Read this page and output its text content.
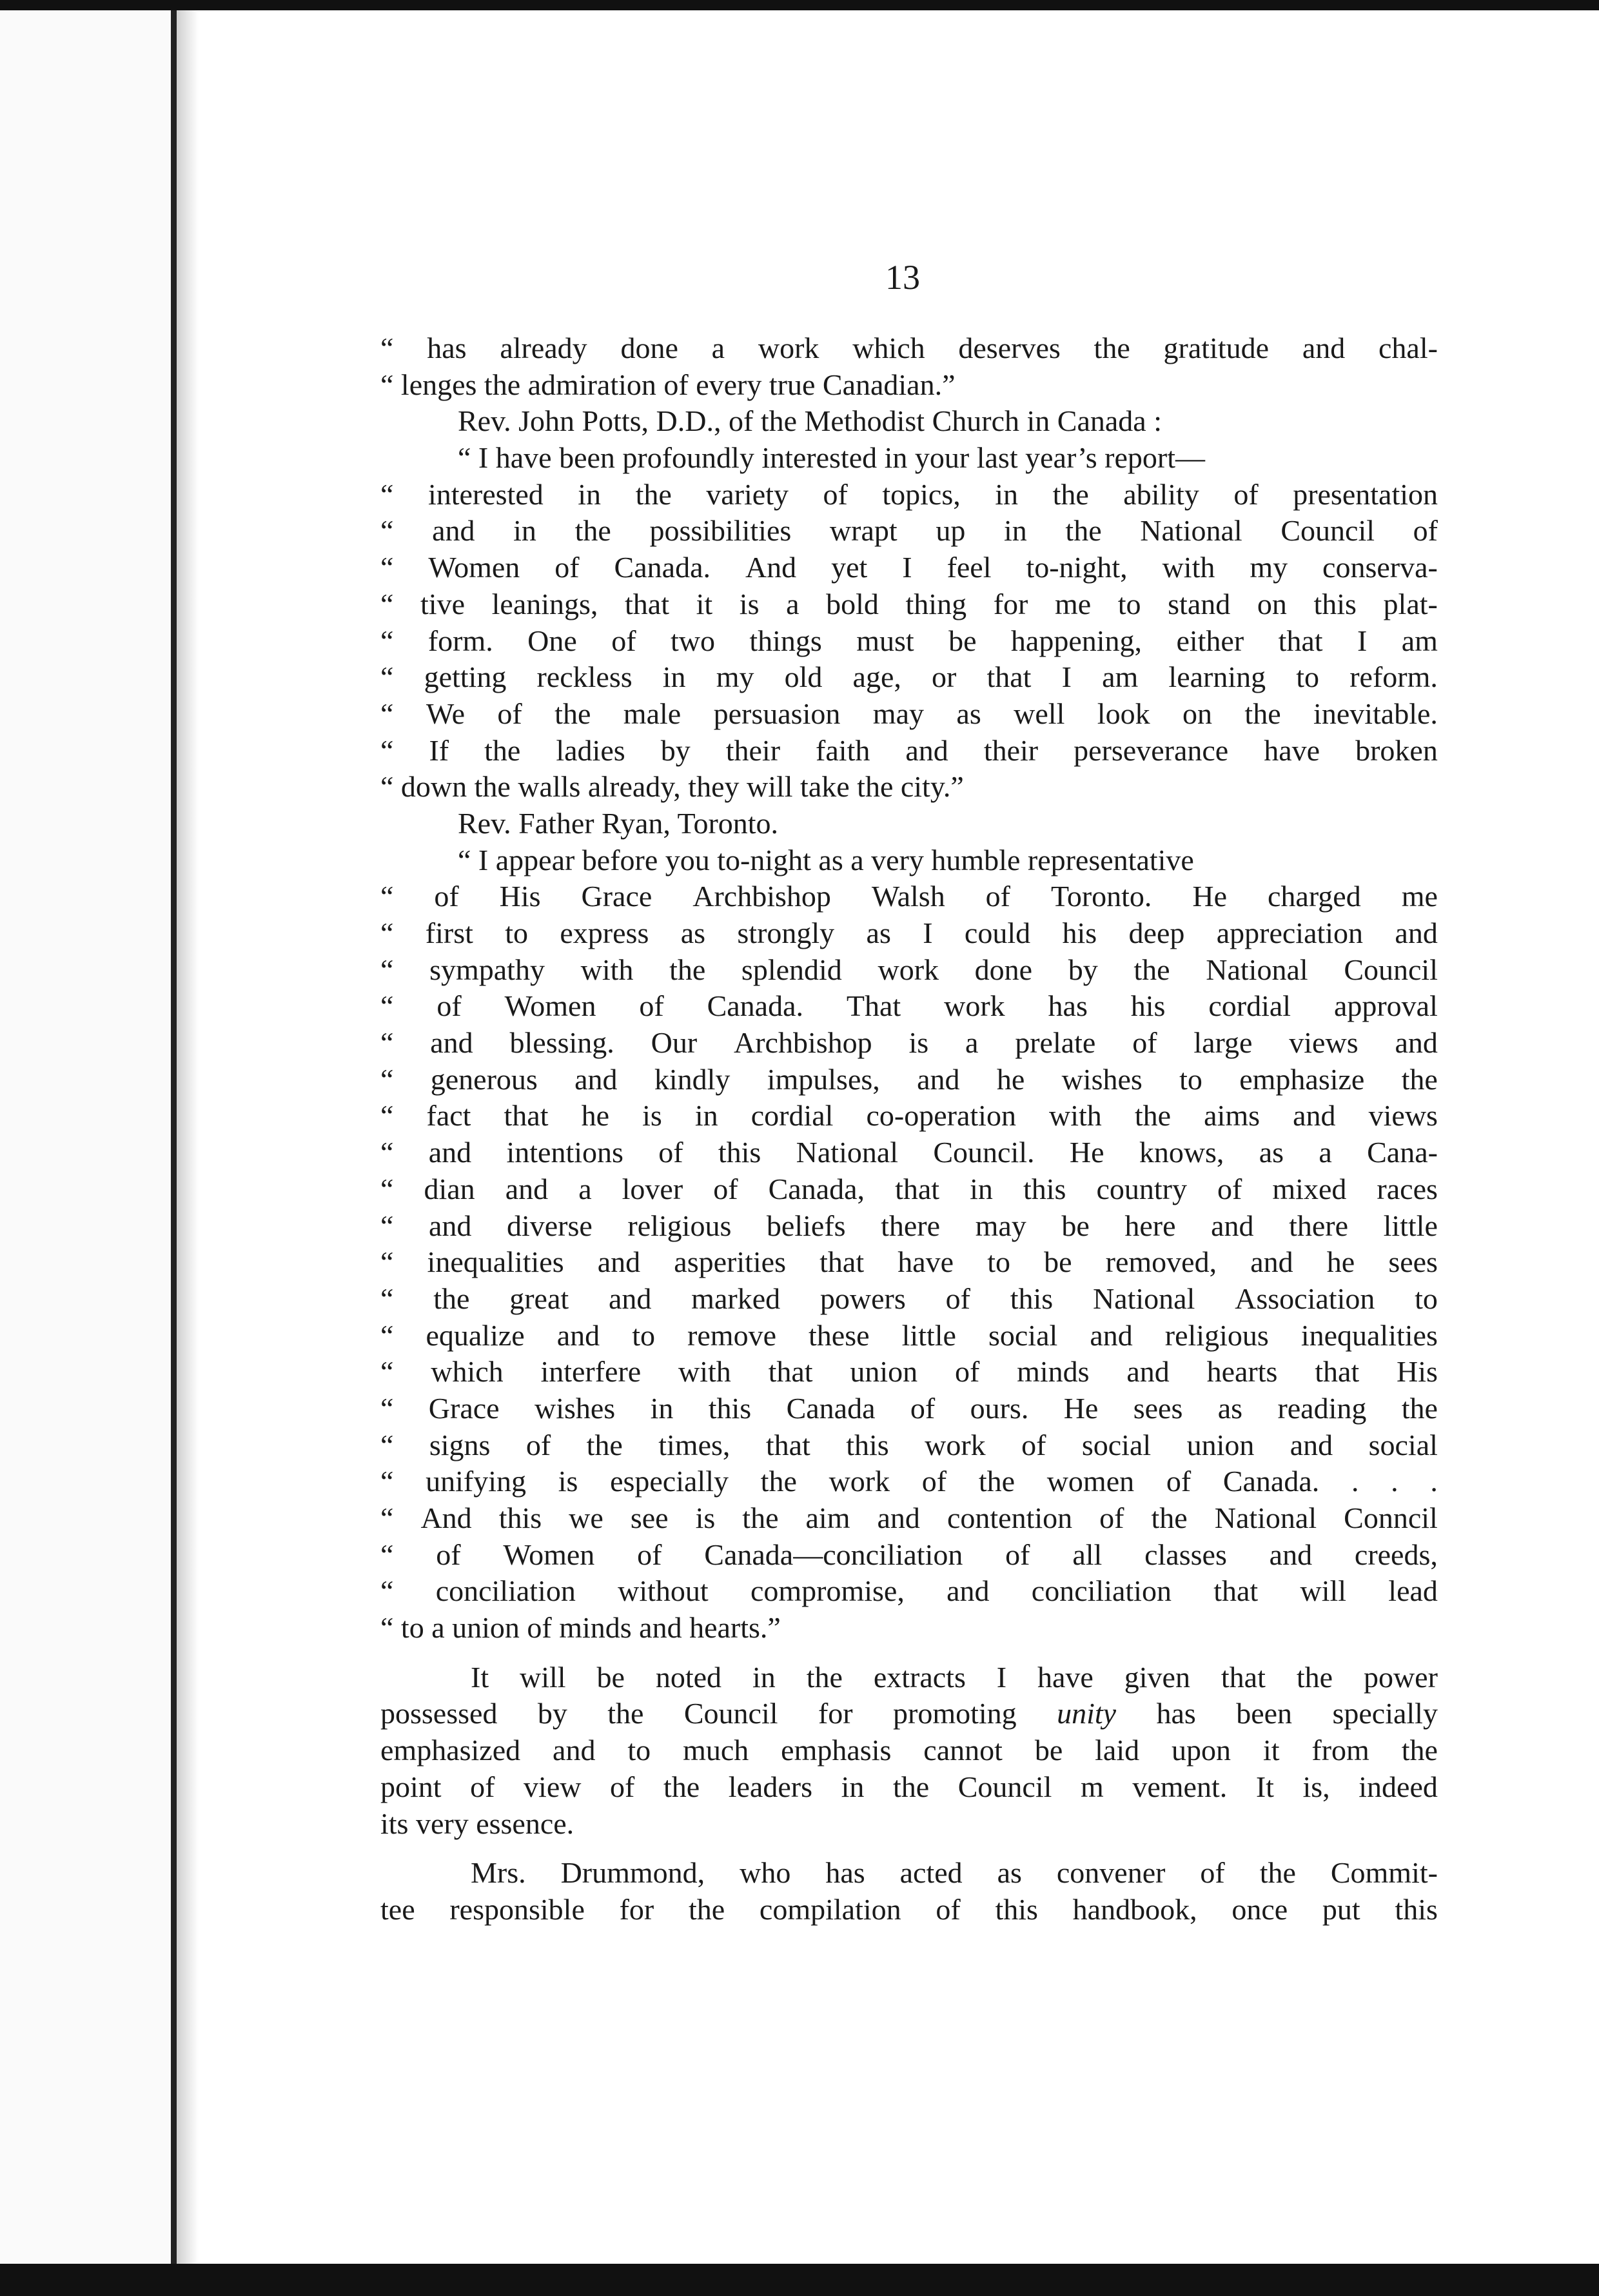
13
“ has already done a work which deserves the gratitude and chal-
“ lenges the admiration of every true Canadian.”
Rev. John Potts, D.D., of the Methodist Church in Canada :
“ I have been profoundly interested in your last year’s report—
“ interested in the variety of topics, in the ability of presentation
“ and in the possibilities wrapt up in the National Council of
“ Women of Canada. And yet I feel to-night, with my conserva-
“ tive leanings, that it is a bold thing for me to stand on this plat-
“ form. One of two things must be happening, either that I am
“ getting reckless in my old age, or that I am learning to reform.
“ We of the male persuasion may as well look on the inevitable.
“ If the ladies by their faith and their perseverance have broken
“ down the walls already, they will take the city.”
Rev. Father Ryan, Toronto.
“ I appear before you to-night as a very humble representative
“ of His Grace Archbishop Walsh of Toronto. He charged me
“ first to express as strongly as I could his deep appreciation and
“ sympathy with the splendid work done by the National Council
“ of Women of Canada. That work has his cordial approval
“ and blessing. Our Archbishop is a prelate of large views and
“ generous and kindly impulses, and he wishes to emphasize the
“ fact that he is in cordial co-operation with the aims and views
“ and intentions of this National Council. He knows, as a Cana-
“ dian and a lover of Canada, that in this country of mixed races
“ and diverse religious beliefs there may be here and there little
“ inequalities and asperities that have to be removed, and he sees
“ the great and marked powers of this National Association to
“ equalize and to remove these little social and religious inequalities
“ which interfere with that union of minds and hearts that His
“ Grace wishes in this Canada of ours. He sees as reading the
“ signs of the times, that this work of social union and social
“ unifying is especially the work of the women of Canada. . . .
“ And this we see is the aim and contention of the National Conncil
“ of Women of Canada—conciliation of all classes and creeds,
“ conciliation without compromise, and conciliation that will lead
“ to a union of minds and hearts.”
It will be noted in the extracts I have given that the power
possessed by the Council for promoting unity has been specially
emphasized and to much emphasis cannot be laid upon it from the
point of view of the leaders in the Council m vement. It is, indeed
its very essence.
Mrs. Drummond, who has acted as convener of the Commit-
tee responsible for the compilation of this handbook, once put this
